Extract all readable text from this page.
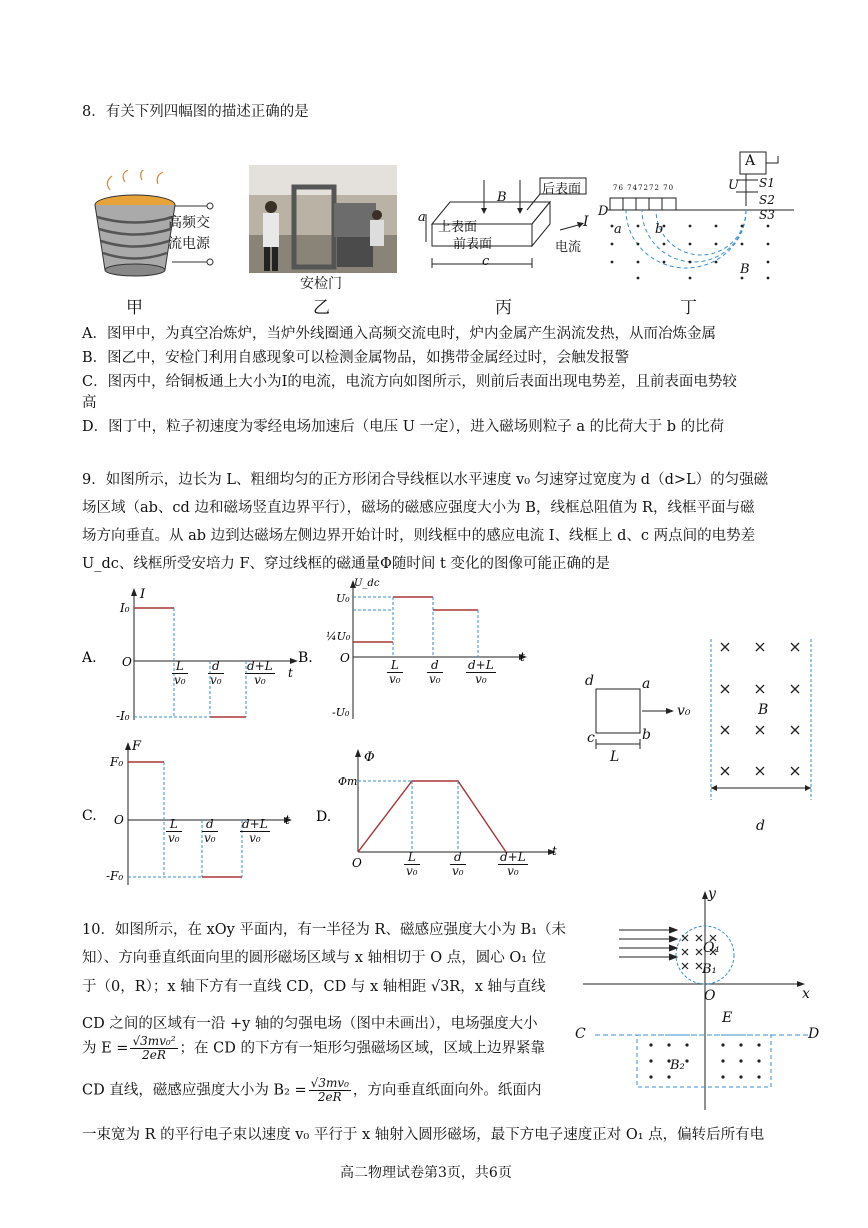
8．有关下列四幅图的描述正确的是
高频交
流电源
甲
安检门
乙
B
后表面
上表面
前表面
I
电流
a
c
丙
A
U S1
S2
S3
D
a	b
B
76 747272 70
丁
A．图甲中，为真空冶炼炉，当炉外线圈通入高频交流电时，炉内金属产生涡流发热，从而冶炼金属
B．图乙中，安检门利用自感现象可以检测金属物品，如携带金属经过时，会触发报警
C．图丙中，给铜板通上大小为I的电流，电流方向如图所示，则前后表面出现电势差，且前表面电势较
高
D．图丁中，粒子初速度为零经电场加速后（电压 U 一定），进入磁场则粒子 a 的比荷大于 b 的比荷
9．如图所示，边长为 L、粗细均匀的正方形闭合导线框以水平速度 v₀ 匀速穿过宽度为 d（d>L）的匀强磁
场区域（ab、cd 边和磁场竖直边界平行），磁场的磁感应强度大小为 B，线框总阻值为 R，线框平面与磁
场方向垂直。从 ab 边到达磁场左侧边界开始计时，则线框中的感应电流 I、线框上 d、c 两点间的电势差
U_dc、线框所受安培力 F、穿过线框的磁通量Φ随时间 t 变化的图像可能正确的是
A.
I
I₀
-I₀
O
t
B.
U_dc
U₀
¼U₀
-U₀
O	t
C.
F
F₀
-F₀
O	t D.
Φ
Φm
O
t
$\frac{L}{\text{v₀}} \frac{d}{\text{v₀}} \frac{d+L}{\text{v₀}}$	$\frac{L}{\text{v₀}} \frac{d}{\text{v₀}} \frac{d+L}{\text{v₀}}$
$\frac{L}{\text{v₀}} \frac{d}{\text{v₀}} \frac{d+L}{\text{v₀}}$
$\frac{L}{\text{v₀}}$	$\frac{d}{\text{v₀}}$	$\frac{d+L}{\text{v₀}}$
d	a
c	b
v₀
L
B
d
10．如图所示，在 xOy 平面内，有一半径为 R、磁感应强度大小为 B₁（未
知）、方向垂直纸面向里的圆形磁场区域与 x 轴相切于 O 点，圆心 O₁ 位
于（0，R）；x 轴下方有一直线 CD，CD 与 x 轴相距 √3R，x 轴与直线
CD 之间的区域有一沿 +y 轴的匀强电场（图中未画出），电场强度大小
为 $E = \frac{\text{√3mv₀²}}{2eR}$ ；在 CD 的下方有一矩形匀强磁场区域，区域上边界紧靠
CD 直线，磁感应强度大小为 $B_2 = \frac{\text{√3mv₀}}{2eR}$ ，方向垂直纸面向外。纸面内
一束宽为 R 的平行电子束以速度 v₀ 平行于 x 轴射入圆形磁场，最下方电子速度正对 O₁ 点，偏转后所有电
y
x
O
O₁
B₁
C	D
E
B₂
高二物理试卷第3页，共6页
